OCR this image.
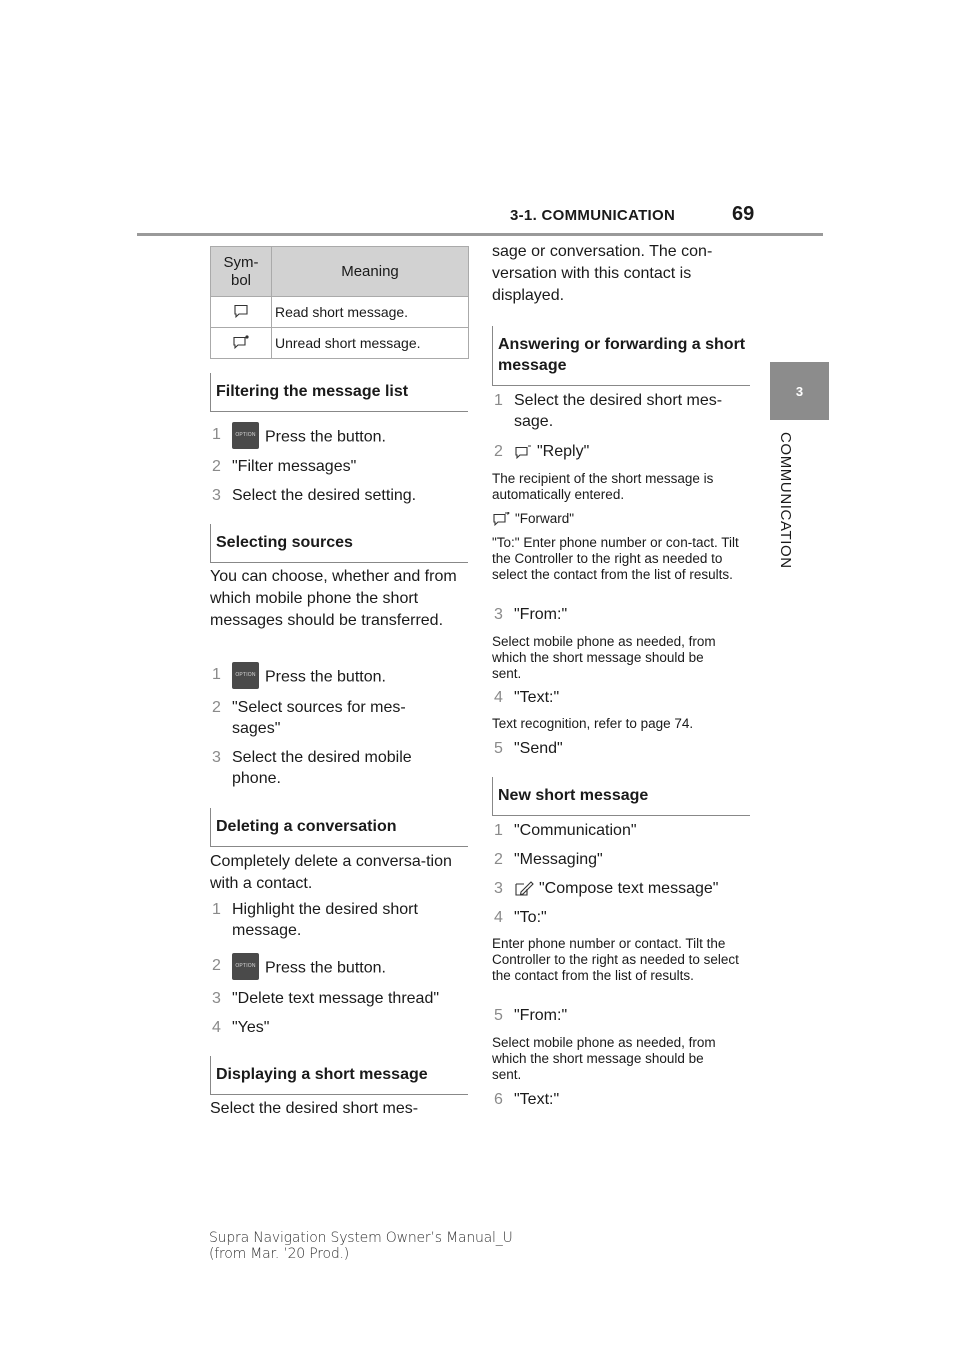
3-1. COMMUNICATION	69
3
COMMUNICATION
Sym-
bol	Meaning
	Read short message.
	Unread short message.
Filtering the message list
1	OPTION Press the button.
2 "Filter messages"
3 Select the desired setting.
Selecting sources
You can choose, whether and from which mobile phone the short messages should be transferred.
1	OPTION Press the button.
2 "Select sources for mes-sages"
3 Select the desired mobile phone.
Deleting a conversation
Completely delete a conversa-tion with a contact.
1 Highlight the desired short message.
2	OPTION Press the button.
3 "Delete text message thread"
4 "Yes"
Displaying a short message
Select the desired short mes-
sage or conversation. The con-versation with this contact is displayed.
Answering or forwarding a short message
1 Select the desired short mes-sage.
2 "Reply"
The recipient of the short message is automatically entered.
"Forward"
"To:" Enter phone number or con-tact. Tilt the Controller to the right as needed to select the contact from the list of results.
3 "From:"
Select mobile phone as needed, from which the short message should be sent.
4 "Text:"
Text recognition, refer to page 74.
5 "Send"
New short message
1 "Communication"
2 "Messaging"
3 "Compose text message"
4 "To:"
Enter phone number or contact. Tilt the Controller to the right as needed to select the contact from the list of results.
5 "From:"
Select mobile phone as needed, from which the short message should be sent.
6 "Text:"
Supra Navigation System Owner’s Manual_U
(from Mar. ’20 Prod.)
